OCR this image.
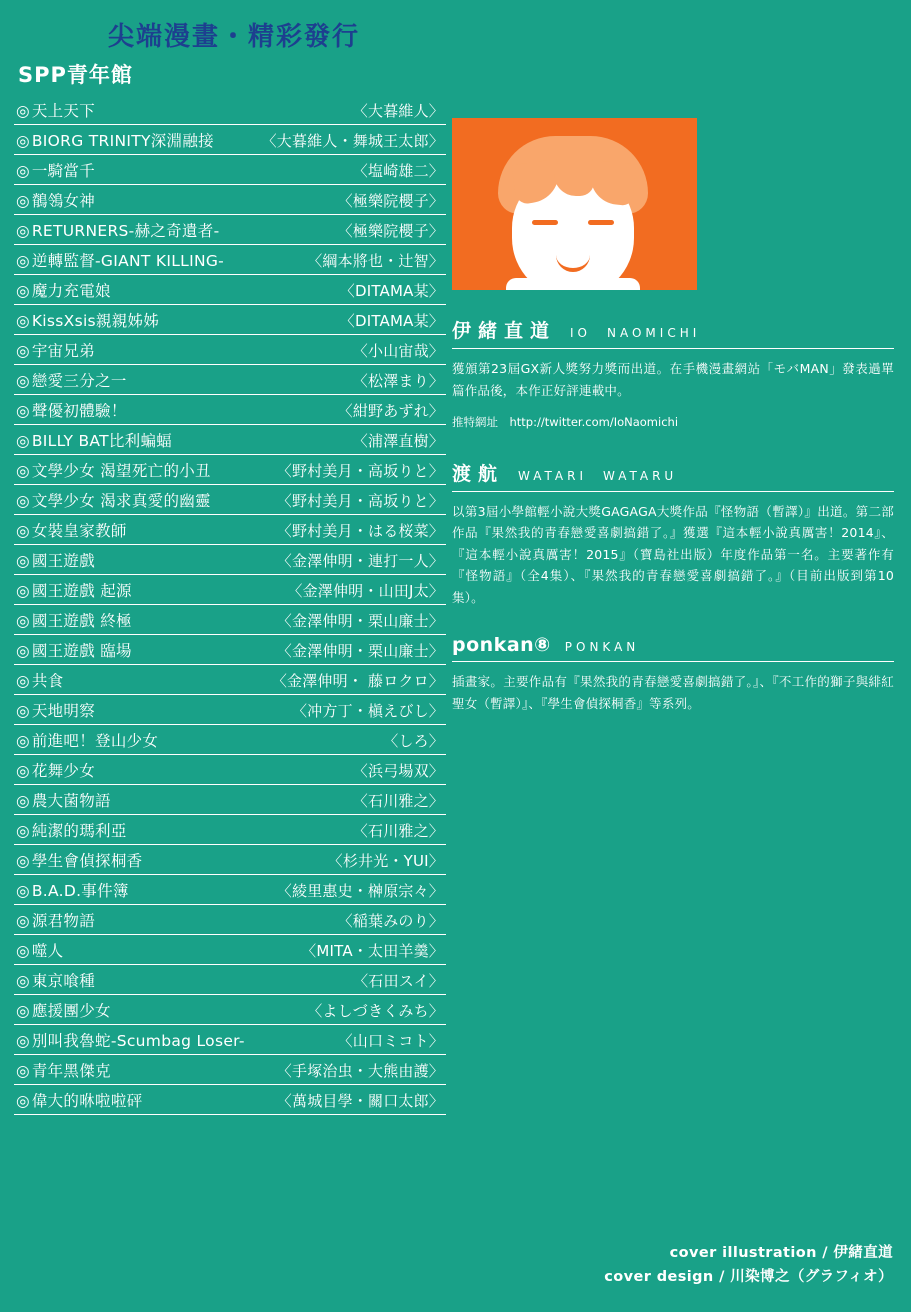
尖端漫畫・精彩發行
SPP青年館
◎ 天上天下	〈大暮維人〉
◎ BIORG TRINITY深淵融接	〈大暮維人・舞城王太郎〉
◎ 一騎當千	〈塩崎雄二〉
◎ 鶺鴒女神	〈極樂院櫻子〉
◎ RETURNERS-赫之奇遺者-	〈極樂院櫻子〉
◎ 逆轉監督-GIANT KILLING-	〈綱本將也・辻智〉
◎ 魔力充電娘	〈DITAMA某〉
◎ KissXsis親親姊姊	〈DITAMA某〉
◎ 宇宙兄弟	〈小山宙哉〉
◎ 戀愛三分之一	〈松澤まり〉
◎ 聲優初體驗！	〈紺野あずれ〉
◎ BILLY BAT比利蝙蝠	〈浦澤直樹〉
◎ 文學少女 渴望死亡的小丑	〈野村美月・高坂りと〉
◎ 文學少女 渴求真愛的幽靈	〈野村美月・高坂りと〉
◎ 女裝皇家教師	〈野村美月・はる桜菜〉
◎ 國王遊戲	〈金澤伸明・連打一人〉
◎ 國王遊戲 起源	〈金澤伸明・山田J太〉
◎ 國王遊戲 終極	〈金澤伸明・栗山廉士〉
◎ 國王遊戲 臨場	〈金澤伸明・栗山廉士〉
◎ 共食	〈金澤伸明・ 藤ロクロ〉
◎ 天地明察	〈冲方丁・槇えびし〉
◎ 前進吧！登山少女	〈しろ〉
◎ 花舞少女	〈浜弓場双〉
◎ 農大菌物語	〈石川雅之〉
◎ 純潔的瑪利亞	〈石川雅之〉
◎ 學生會偵探桐香	〈杉井光・YUI〉
◎ B.A.D.事件簿	〈綾里惠史・榊原宗々〉
◎ 源君物語	〈稲葉みのり〉
◎ 噬人	〈MITA・太田羊羹〉
◎ 東京喰種	〈石田スイ〉
◎ 應援團少女	〈よしづきくみち〉
◎ 別叫我魯蛇-Scumbag Loser-	〈山口ミコト〉
◎ 青年黑傑克	〈手塚治虫・大熊由護〉
◎ 偉大的咻啦啦砰	〈萬城目學・關口太郎〉
伊緒直道 IO　NAOMICHI

獲頒第23屆GX新人獎努力獎而出道。在手機漫畫網站「モバMAN」發表過單篇作品後，本作正好評連載中。

推特網址　http://twitter.com/IoNaomichi
渡航 WATARI　WATARU

以第3屆小學館輕小說大獎GAGAGA大獎作品『怪物語（暫譯）』出道。第二部作品『果然我的青春戀愛喜劇搞錯了。』獲選『這本輕小說真厲害！2014』、『這本輕小說真厲害！2015』（寶島社出版）年度作品第一名。主要著作有『怪物語』（全4集）、『果然我的青春戀愛喜劇搞錯了。』（目前出版到第10集）。

ponkan⑧ PONKAN

插畫家。主要作品有『果然我的青春戀愛喜劇搞錯了。』、『不工作的獅子與緋紅聖女（暫譯）』、『學生會偵探桐香』等系列。

cover illustration / 伊緒直道
cover design / 川染博之（グラフィオ）
